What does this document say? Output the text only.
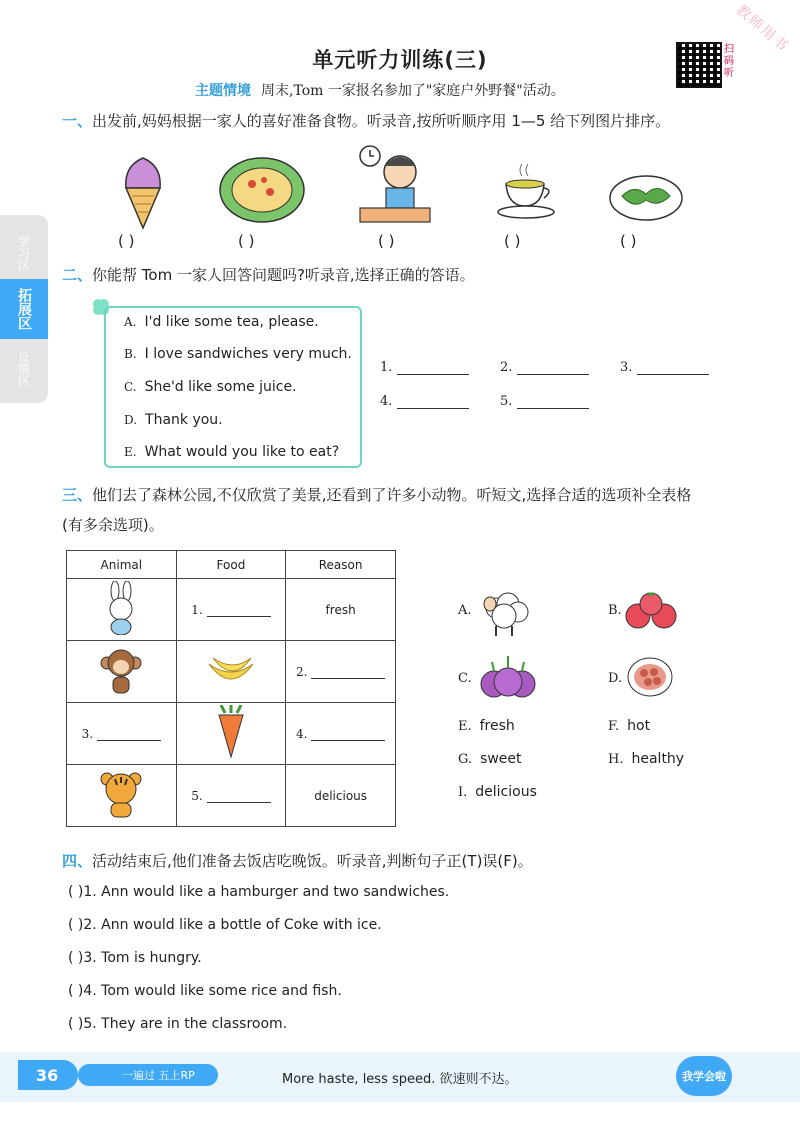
教师用书
单元听力训练(三)	扫码听
主题情境 周末,Tom 一家报名参加了"家庭户外野餐"活动。
学习区
拓展区
反馈区
一、出发前,妈妈根据一家人的喜好准备食物。听录音,按所听顺序用 1—5 给下列图片排序。
( )	( )	( )	( )	( )
二、你能帮 Tom 一家人回答问题吗?听录音,选择正确的答语。
A. I'd like some tea, please.
B. I love sandwiches very much.
C. She'd like some juice.
D. Thank you.
E. What would you like to eat?
1.	2.	3.
4.	5.
三、他们去了森林公园,不仅欣赏了美景,还看到了许多小动物。听短文,选择合适的选项补全表格
(有多余选项)。
Animal	Food	Reason
	1.	fresh
		2.
3.		4.
	5.	delicious
A.	B.
C.	D.
E. fresh	F. hot
G. sweet	H. healthy
I. delicious
四、活动结束后,他们准备去饭店吃晚饭。听录音,判断句子正(T)误(F)。
( )1. Ann would like a hamburger and two sandwiches.
( )2. Ann would like a bottle of Coke with ice.
( )3. Tom is hungry.
( )4. Tom would like some rice and fish.
( )5. They are in the classroom.
36	一遍过 五上RP	More haste, less speed. 欲速则不达。	我学会啦
